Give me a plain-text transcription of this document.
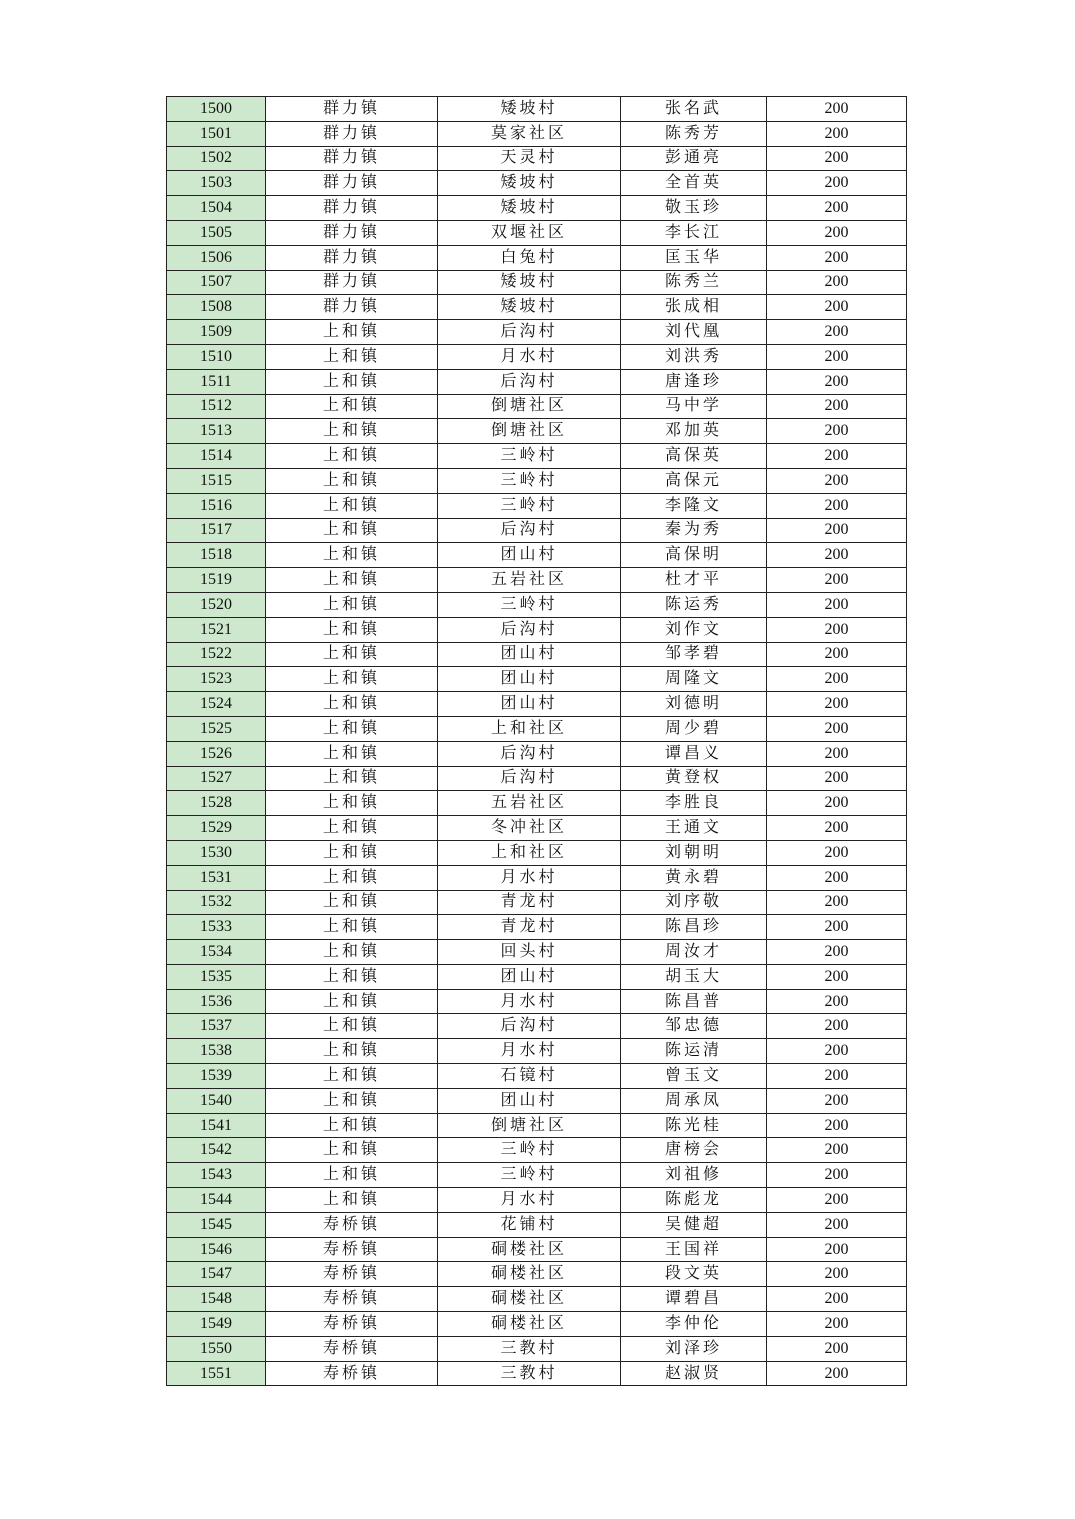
1500	群力镇	矮坡村	张名武	200
1501	群力镇	莫家社区	陈秀芳	200
1502	群力镇	天灵村	彭通亮	200
1503	群力镇	矮坡村	全首英	200
1504	群力镇	矮坡村	敬玉珍	200
1505	群力镇	双堰社区	李长江	200
1506	群力镇	白兔村	匡玉华	200
1507	群力镇	矮坡村	陈秀兰	200
1508	群力镇	矮坡村	张成相	200
1509	上和镇	后沟村	刘代凰	200
1510	上和镇	月水村	刘洪秀	200
1511	上和镇	后沟村	唐逢珍	200
1512	上和镇	倒塘社区	马中学	200
1513	上和镇	倒塘社区	邓加英	200
1514	上和镇	三岭村	高保英	200
1515	上和镇	三岭村	高保元	200
1516	上和镇	三岭村	李隆文	200
1517	上和镇	后沟村	秦为秀	200
1518	上和镇	团山村	高保明	200
1519	上和镇	五岩社区	杜才平	200
1520	上和镇	三岭村	陈运秀	200
1521	上和镇	后沟村	刘作文	200
1522	上和镇	团山村	邹孝碧	200
1523	上和镇	团山村	周隆文	200
1524	上和镇	团山村	刘德明	200
1525	上和镇	上和社区	周少碧	200
1526	上和镇	后沟村	谭昌义	200
1527	上和镇	后沟村	黄登权	200
1528	上和镇	五岩社区	李胜良	200
1529	上和镇	冬冲社区	王通文	200
1530	上和镇	上和社区	刘朝明	200
1531	上和镇	月水村	黄永碧	200
1532	上和镇	青龙村	刘序敬	200
1533	上和镇	青龙村	陈昌珍	200
1534	上和镇	回头村	周汝才	200
1535	上和镇	团山村	胡玉大	200
1536	上和镇	月水村	陈昌普	200
1537	上和镇	后沟村	邹忠德	200
1538	上和镇	月水村	陈运清	200
1539	上和镇	石镜村	曾玉文	200
1540	上和镇	团山村	周承凤	200
1541	上和镇	倒塘社区	陈光桂	200
1542	上和镇	三岭村	唐榜会	200
1543	上和镇	三岭村	刘祖修	200
1544	上和镇	月水村	陈彪龙	200
1545	寿桥镇	花铺村	吴健超	200
1546	寿桥镇	硐楼社区	王国祥	200
1547	寿桥镇	硐楼社区	段文英	200
1548	寿桥镇	硐楼社区	谭碧昌	200
1549	寿桥镇	硐楼社区	李仲伦	200
1550	寿桥镇	三教村	刘泽珍	200
1551	寿桥镇	三教村	赵淑贤	200
